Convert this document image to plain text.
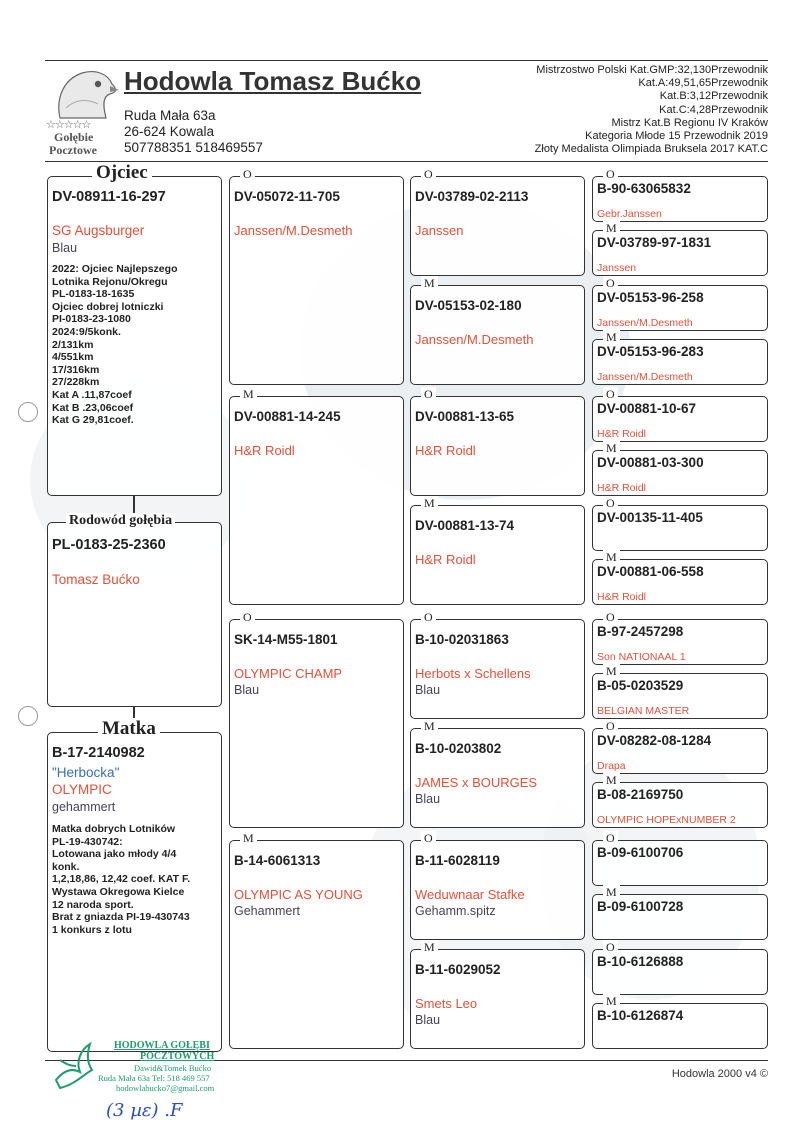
☆☆☆☆☆
Gołębie
Pocztowe
Hodowla Tomasz Bućko
Ruda Mała 63a
26-624 Kowala
507788351 518469557
Mistrzostwo Polski Kat.GMP:32,130Przewodnik
Kat.A:49,51,65Przewodnik
Kat.B:3,12Przewodnik
Kat.C:4,28Przewodnik
Mistrz Kat.B Regionu IV Kraków
Kategoria Młode 15 Przewodnik 2019
Złoty Medalista Olimpiada Bruksela 2017 KAT.C
Ojciec
DV-08911-16-297
SG Augsburger
Blau
2022: Ojciec Najlepszego
Lotnika Rejonu/Okregu
PL-0183-18-1635
Ojciec dobrej lotniczki
PI-0183-23-1080
2024:9/5konk.
2/131km
4/551km
17/316km
27/228km
Kat A .11,87coef
Kat B .23,06coef
Kat G 29,81coef.
Rodowód gołębia
PL-0183-25-2360
Tomasz Bućko
Matka
B-17-2140982
"Herbocka"
OLYMPIC
gehammert
Matka dobrych Lotników
PL-19-430742:
Lotowana jako młody 4/4
konk.
1,2,18,86, 12,42 coef. KAT F.
Wystawa Okregowa Kielce
12 naroda sport.
Brat z gniazda PI-19-430743
1 konkurs z lotu
O
DV-05072-11-705
Janssen/M.Desmeth
M
DV-00881-14-245
H&R Roidl
O
SK-14-M55-1801
OLYMPIC CHAMP
Blau
M
B-14-6061313
OLYMPIC AS YOUNG
Gehammert
O
DV-03789-02-2113
Janssen
M
DV-05153-02-180
Janssen/M.Desmeth
O
DV-00881-13-65
H&R Roidl
M
DV-00881-13-74
H&R Roidl
O
B-10-02031863
Herbots x Schellens
Blau
M
B-10-0203802
JAMES x BOURGES
Blau
O
B-11-6028119
Weduwnaar Stafke
Gehamm.spitz
M
B-11-6029052
Smets Leo
Blau
O
B-90-63065832
Gebr.Janssen
M
DV-03789-97-1831
Janssen
O
DV-05153-96-258
Janssen/M.Desmeth
M
DV-05153-96-283
Janssen/M.Desmeth
O
DV-00881-10-67
H&R Roidl
M
DV-00881-03-300
H&R Roidl
O
DV-00135-11-405
M
DV-00881-06-558
H&R Roidl
O
B-97-2457298
Son NATIONAAL 1
M
B-05-0203529
BELGIAN MASTER
O
DV-08282-08-1284
Drapa
M
B-08-2169750
OLYMPIC HOPExNUMBER 2
O
B-09-6100706
M
B-09-6100728
O
B-10-6126888
M
B-10-6126874
HODOWLA GOŁĘBI
POCZTOWYCH
Dawid&Tomek Bućko
Ruda Mała 63a Tel: 518 469 557
hodowlabucko7@gmail.com
(3 µε) .F
Hodowla 2000 v4 ©
